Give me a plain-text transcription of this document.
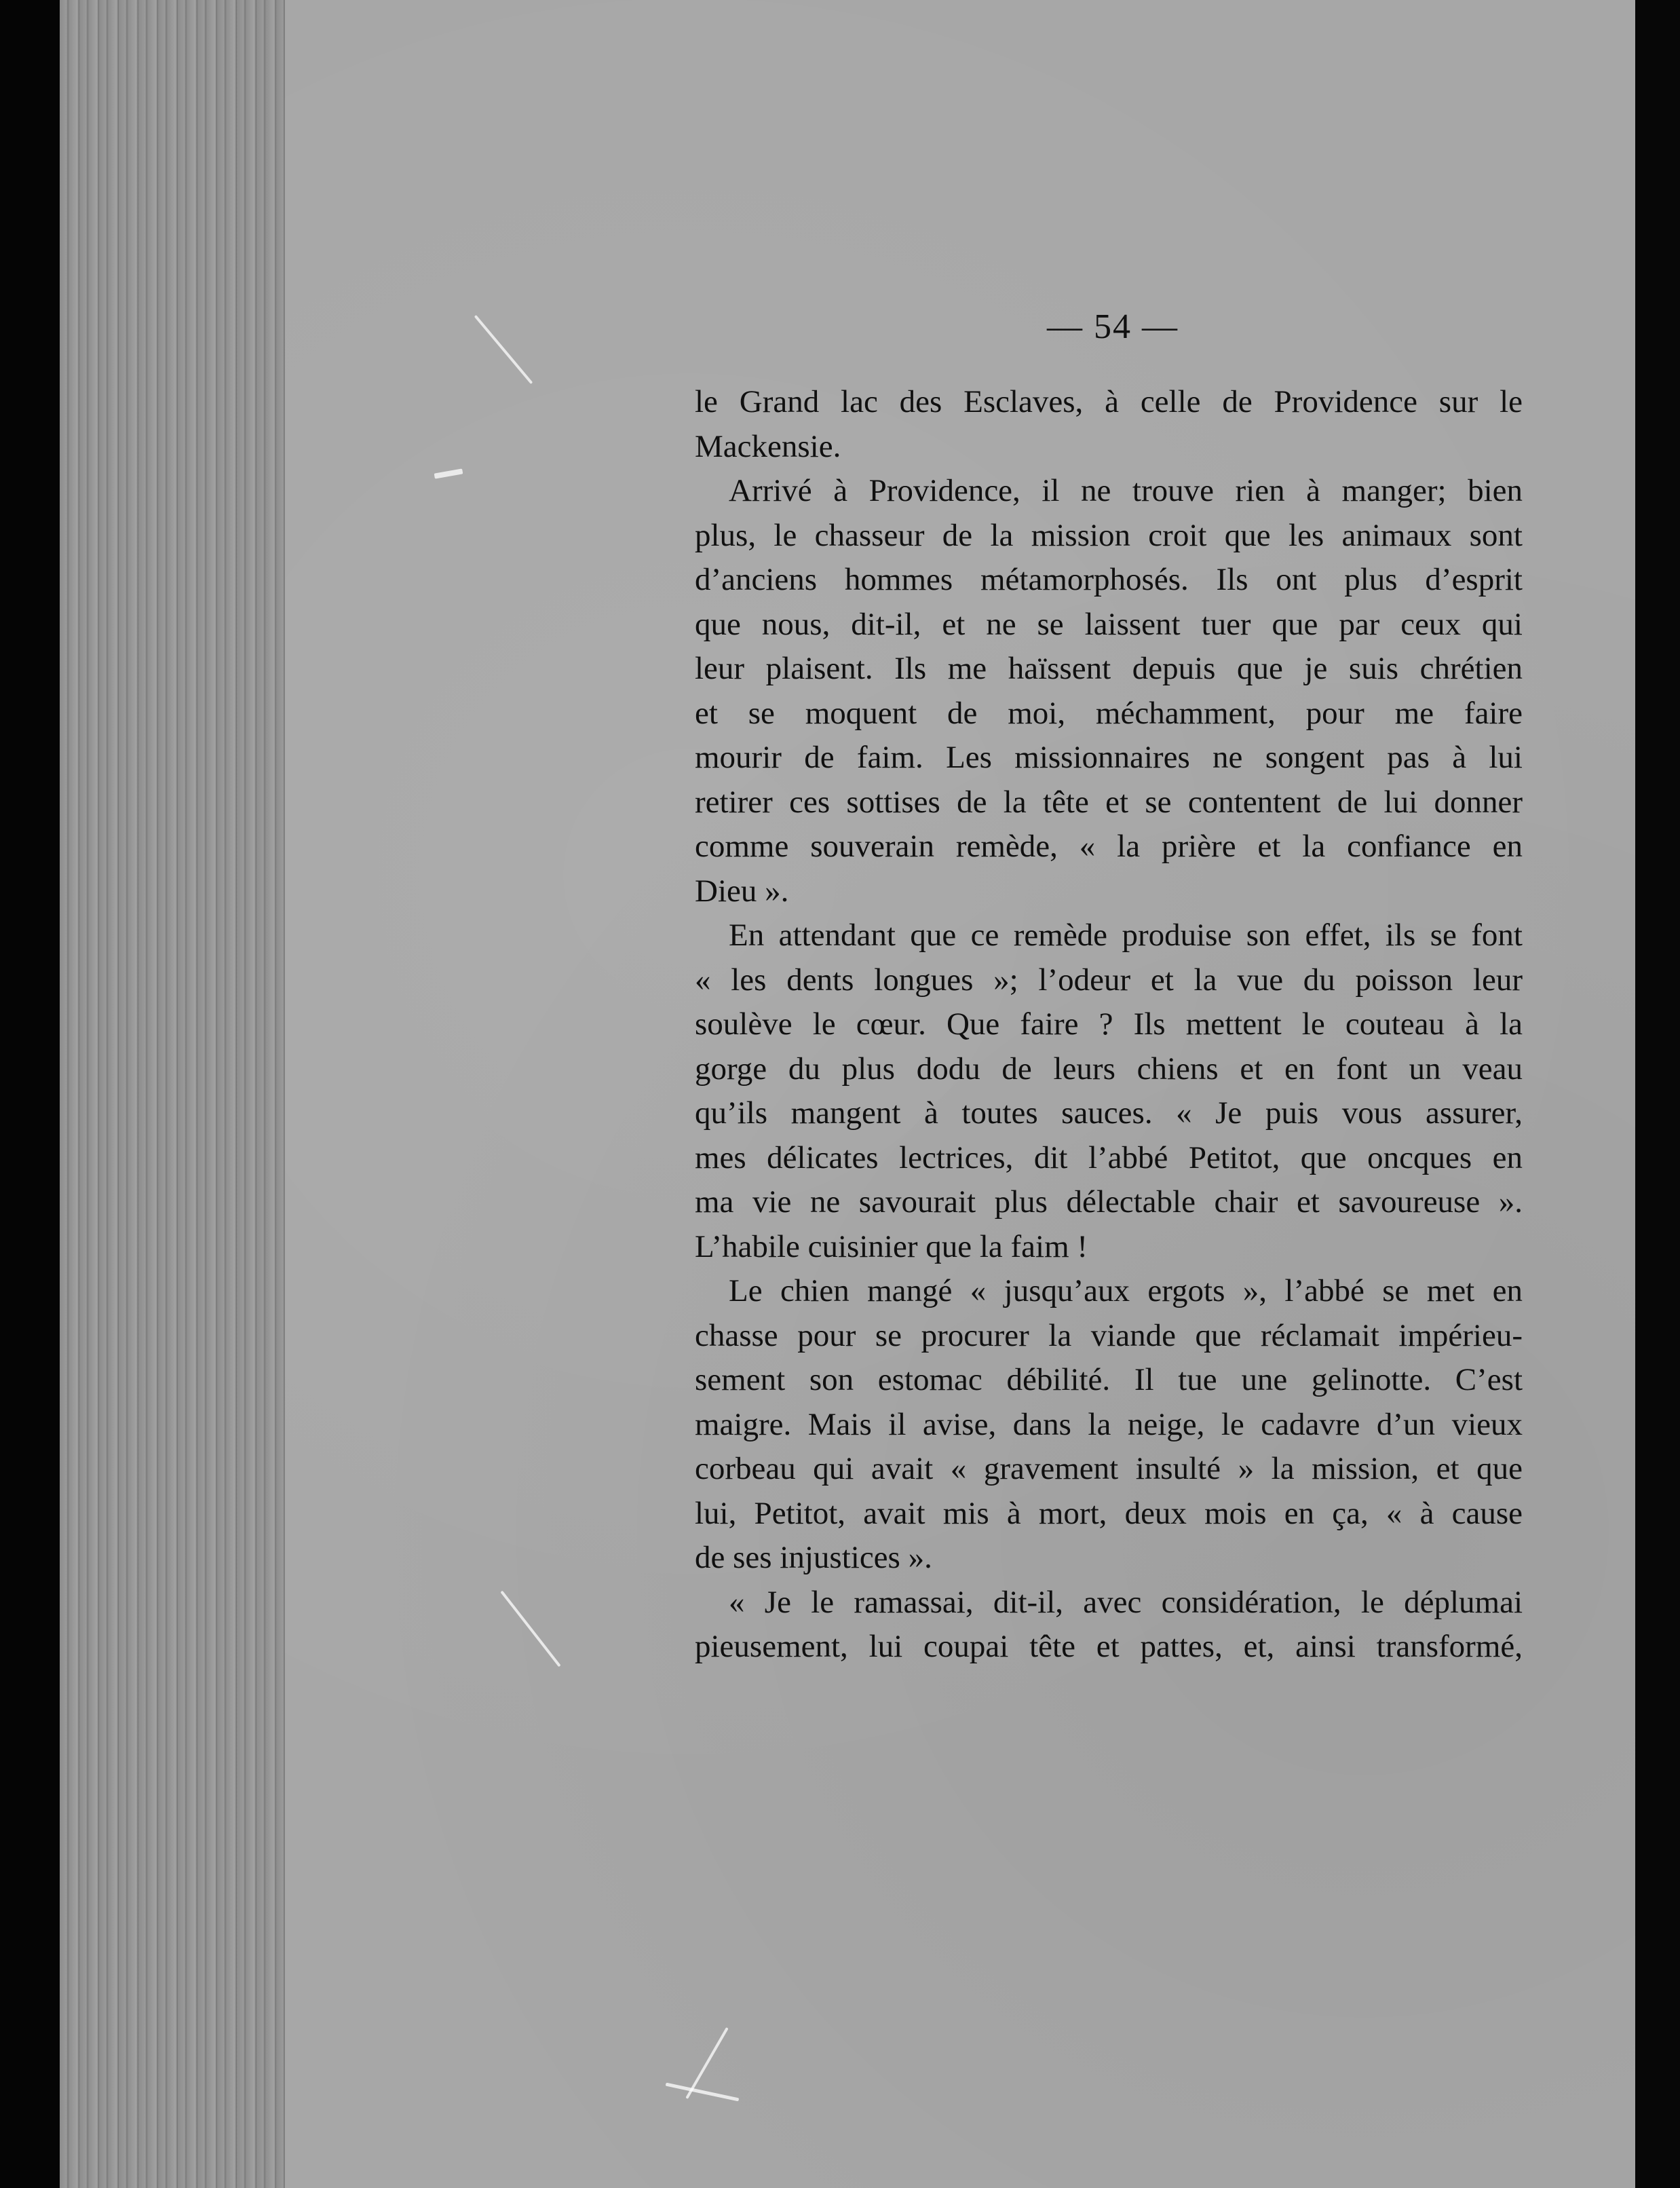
— 54 —
le Grand lac des Esclaves, à celle de Providence sur le
Mackensie.
Arrivé à Providence, il ne trouve rien à manger; bien
plus, le chasseur de la mission croit que les animaux sont
d’anciens hommes métamorphosés. Ils ont plus d’esprit
que nous, dit-il, et ne se laissent tuer que par ceux qui
leur plaisent. Ils me haïssent depuis que je suis chrétien
et se moquent de moi, méchamment, pour me faire
mourir de faim. Les missionnaires ne songent pas à lui
retirer ces sottises de la tête et se contentent de lui donner
comme souverain remède, « la prière et la confiance en
Dieu ».
En attendant que ce remède produise son effet, ils se font
« les dents longues »; l’odeur et la vue du poisson leur
soulève le cœur. Que faire ? Ils mettent le couteau à la
gorge du plus dodu de leurs chiens et en font un veau
qu’ils mangent à toutes sauces. « Je puis vous assurer,
mes délicates lectrices, dit l’abbé Petitot, que oncques en
ma vie ne savourait plus délectable chair et savoureuse ».
L’habile cuisinier que la faim !
Le chien mangé « jusqu’aux ergots », l’abbé se met en
chasse pour se procurer la viande que réclamait impérieu-
sement son estomac débilité. Il tue une gelinotte. C’est
maigre. Mais il avise, dans la neige, le cadavre d’un vieux
corbeau qui avait « gravement insulté » la mission, et que
lui, Petitot, avait mis à mort, deux mois en ça, « à cause
de ses injustices ».
« Je le ramassai, dit-il, avec considération, le déplumai
pieusement, lui coupai tête et pattes, et, ainsi transformé,
